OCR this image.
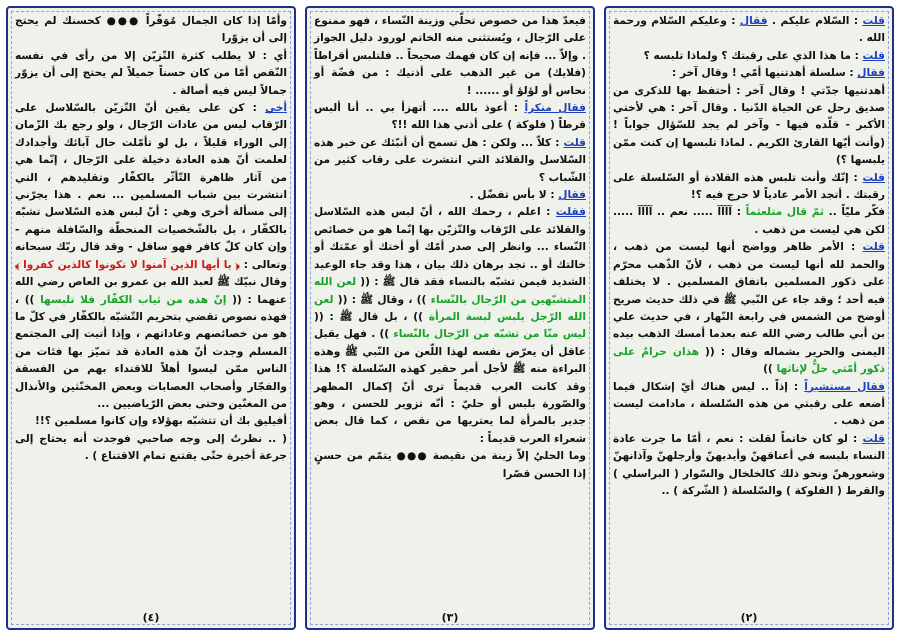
قلت : السّلام عليكم . فقال : وعليكم السّلام ورحمة الله .
قلت : ما هذا الذي على رقبتك ؟ ولماذا تلبسه ؟
فقال : سلسلة أهدتنيها أمّي ! وقال آخر :
أهدتنيها جدّتي ! وقال آخر : أحتفظ بها للذكرى من صديق رحل عن الحياة الدّنيا . وقال آخر : هي لأختي الأكبر - قلّده فيها - وآخر لم يجد للسّؤال جواباً ! (وأنت أيّها القارئ الكريم . لماذا تلبسها إن كنت ممّن يلبسها ؟)
قلت : إنّك وأنت تلبس هذه القلادة أو السّلسلة على رقبتك . أتجد الأمر عادياً لا حرج فيه ؟!
فكّر مليّاً .. ثمّ قال متلعثماً : آآآآ ..... نعم .. آآآآ ..... لكن هي ليست من ذهب .
قلت : الأمر ظاهر وواضح أنها ليست من ذهب ، والحمد لله أنها ليست من ذهب ، لأنّ الذّهب محرّم على ذكور المسلمين باتفاق المسلمين . لا يختلف فيه أحد ؛ وقد جاء عن النّبي ﷺ في ذلك حديث صريح أوضح من الشمس في رابعة النّهار ، في حديث علي بن أبي طالب رضي الله عنه بعدما أمسك الذهب بيده اليمنى والحرير بشماله وقال : (( هذان حرامٌ على ذكور أمّتي حلٌّ لإناثها ))
فقال مستشيراً : إذاً .. ليس هناك أيّ إشكال فيما أضعه على رقبتي من هذه السّلسلة ، مادامت ليست من ذهب .
قلت : لو كان خاتماً لقلت : نعم ، أمّا ما جرت عادة النساء بلبسه في أعناقهنّ وأيديهنّ وأرجلهنّ وآذانهنّ وشعورهنّ ونحو ذلك كالخلخال والسّوار ( البراسلي ) والقرط ( الفلوكة ) والسّلسلة ( الشّركة ) ..
(٢)
فيعدّ هذا من خصوص تحلّي وزينة النّساء ، فهو ممنوع على الرّجال ، ويُستثنى منه الخاتم لورود دليل الجواز . وإلاّ ... فإنه إن كان فهمك صحيحاً .. فلتلبس أقراطاً (فلايك) من غير الذهب على أذنيك : من فضّة أو نحاس أو لؤلؤ أو ...... !
فقال منكراً : أعوذ بالله .... أتهزأ بي .. أنا ألبس قرطاً ( فلوكة ) على أذني هذا الله !!؟
قلت : كلاّ ... ولكن : هل تسمح أن أنبّئك عن خبر هذه السّلاسل والقلائد التي انتشرت على رقاب كثير من الشّباب ؟
فقال : لا بأس تفضّل .
فقلت : اعلم ، رحمك الله ، أنّ لبس هذه السّلاسل والقلائد على الرّقاب والتّزيّن بها إنّما هو من خصائص النّساء ... وانظر إلى صدر أمّك أو أختك أو عمّتك أو خالتك أو .. تجد برهان ذلك بيان ، هذا وقد جاء الوعيد الشديد فيمن تشبّه بالنساء فقد قال ﷺ : (( لعن الله المتشبّهين من الرّجال بالنّساء )) ، وقال ﷺ : (( لعن الله الرّجل يلبس لبسة المرأة )) ، بل قال ﷺ : (( ليس منّا من تشبّه من الرّجال بالنّساء )) . فهل يقبل عاقل أن يعرّض نفسه لهذا اللّعن من النّبي ﷺ وهذه البراءة منه ﷺ لأجل أمر حقير كهذه السّلسلة ؟! هذا وقد كانت العرب قديماً ترى أنّ إكمال المظهر والصّورة بلبس أو حليّ : أنّه تزوير للحسن ، وهو جدير بالمرأة لما يعتريها من نقص ، كما قال بعض شعراء العرب قديماً :
وما الحليُ إلاّ زينة من نقيصة ●●● يتمّم من حسنٍ إذا الحسن قصّرا
(٣)
وأمّا إذا كان الجمال مُوَفّراً ●●● كحسنك لم يحتج إلى أن يزوّرا
أي : لا يطلب كثرة التّزيّن إلا من رأى في نفسه النّقص أمّا من كان حسناً جميلاً لم يحتج إلى أن يزوّر جمالاً ليس فيه أصالة .
أخي : كن على يقين أنّ التّزيّن بالسّلاسل على الرّقاب ليس من عادات الرّجال ، ولو رجع بك الزّمان إلى الوراء قليلاً ، بل لو تأمّلت حال آبائك وأجدادك لعلمت أنّ هذه العادة دخيلة على الرّجال ، إنّما هي من آثار ظاهرة التّأثّر بالكفّار وتقليدهم ، التي انتشرت بين شباب المسلمين ... نعم . هذا يجرّني إلى مسألة أخرى وهي : أنّ لبس هذه السّلاسل تشبّه بالكفّار ، بل بالشّخصيات المنحطّة والسّافلة منهم - وإن كان كلّ كافر فهو سافل - وقد قال ربّك سبحانه وتعالى : ﴿ يا أيها الذين آمنوا لا تكونوا كالذين كفروا ﴾ وقال نبيّك ﷺ لعبد الله بن عمرو بن العاص رضي الله عنهما : (( إنّ هذه من ثياب الكفّار فلا تلبسها )) ، فهذه نصوص تقضي بتحريم التّشبّه بالكفّار في كلّ ما هو من خصائصهم وعاداتهم ، وإذا أتيت إلى المجتمع المسلم وجدت أنّ هذه العادة قد تميّز بها فئات من الناس ممّن ليسوا أهلاً للاقتداء بهم من الفسقة والفجّار وأصحاب العصابات وبعض المخنّثين والأنذال من المغنّين وحتى بعض الرّياضيين ...
أفيليق بك أن تتشبّه بهؤلاء وإن كانوا مسلمين ؟!!
( .. نظرتُ إلى وجه صاحبي فوجدت أنه يحتاج إلى جرعة أخيرة حتّى يقتنع تمام الاقتناع ) .
(٤)
